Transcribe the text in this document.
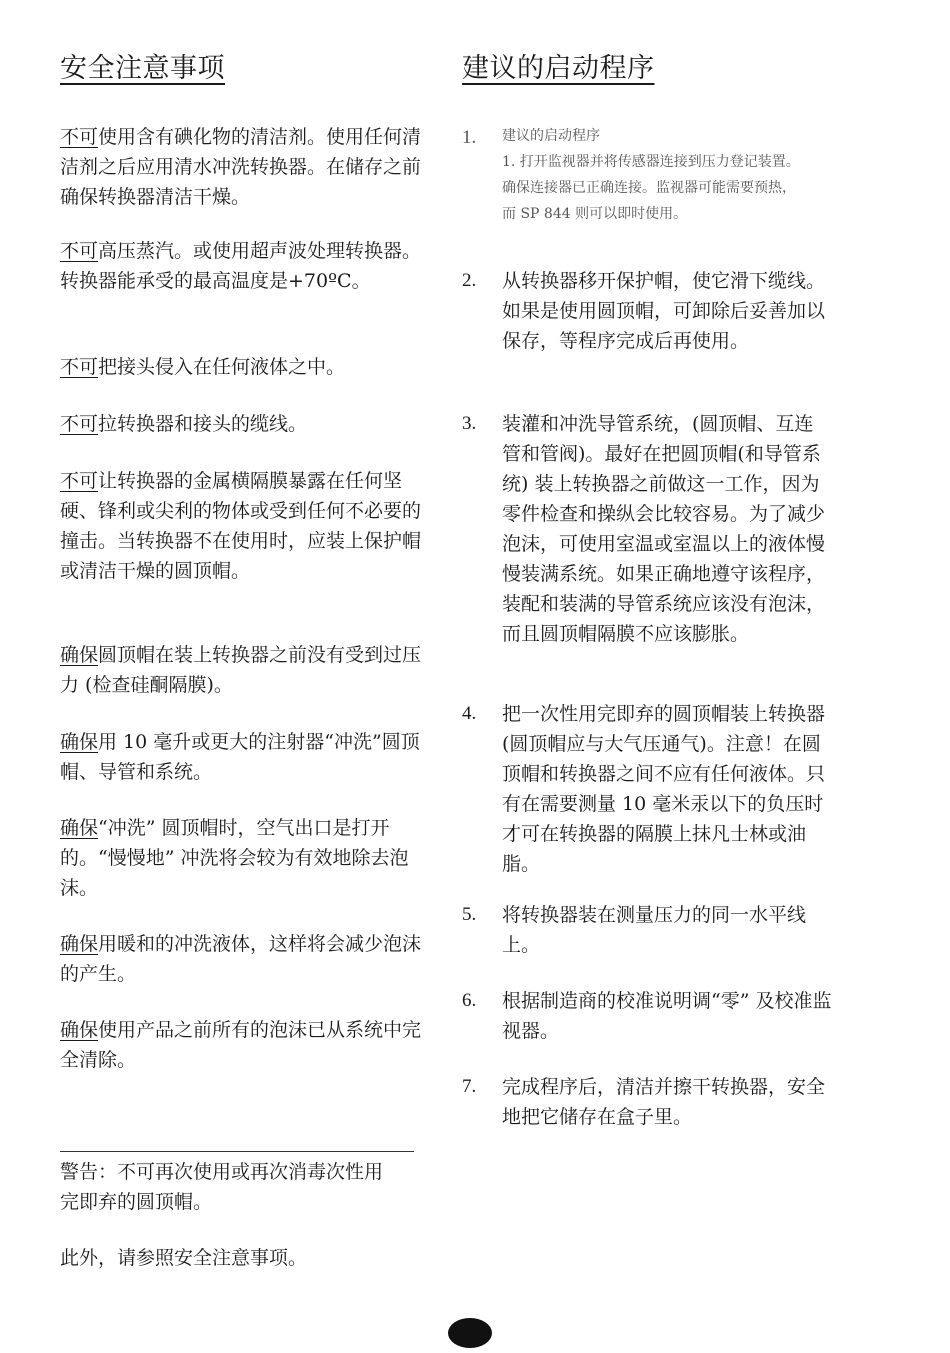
安全注意事项

不可使用含有碘化物的清洁剂。使用任何清洁剂之后应用清水冲洗转换器。在储存之前确保转换器清洁干燥。

不可高压蒸汽。或使用超声波处理转换器。转换器能承受的最高温度是+70ºC。

不可把接头侵入在任何液体之中。

不可拉转换器和接头的缆线。

不可让转换器的金属横隔膜暴露在任何坚硬、锋利或尖利的物体或受到任何不必要的撞击。当转换器不在使用时，应装上保护帽或清洁干燥的圆顶帽。

确保圆顶帽在装上转换器之前没有受到过压力 (检查硅酮隔膜)。

确保用 10 毫升或更大的注射器“冲洗”圆顶帽、导管和系统。

确保“冲洗” 圆顶帽时，空气出口是打开的。“慢慢地” 冲洗将会较为有效地除去泡沫。

确保用暖和的冲洗液体，这样将会减少泡沫的产生。

确保使用产品之前所有的泡沫已从系统中完全清除。

警告：不可再次使用或再次消毒次性用完即弃的圆顶帽。

此外，请参照安全注意事项。

建议的启动程序
1. 建议的启动程序
1. 打开监视器并将传感器连接到压力登记装置。
确保连接器已正确连接。监视器可能需要预热，
而 SP 844 则可以即时使用。
2. 从转换器移开保护帽，使它滑下缆线。如果是使用圆顶帽，可卸除后妥善加以保存，等程序完成后再使用。

3. 装灌和冲洗导管系统，(圆顶帽、互连管和管阀)。最好在把圆顶帽(和导管系统) 装上转换器之前做这一工作，因为零件检查和操纵会比较容易。为了减少泡沫，可使用室温或室温以上的液体慢慢装满系统。如果正确地遵守该程序，装配和装满的导管系统应该没有泡沫，而且圆顶帽隔膜不应该膨胀。

4. 把一次性用完即弃的圆顶帽装上转换器 (圆顶帽应与大气压通气)。注意！在圆顶帽和转换器之间不应有任何液体。只有在需要测量 10 毫米汞以下的负压时才可在转换器的隔膜上抹凡士林或油脂。

5. 将转换器装在测量压力的同一水平线上。

6. 根据制造商的校准说明调“零” 及校准监视器。

7. 完成程序后，清洁并擦干转换器，安全地把它储存在盒子里。
